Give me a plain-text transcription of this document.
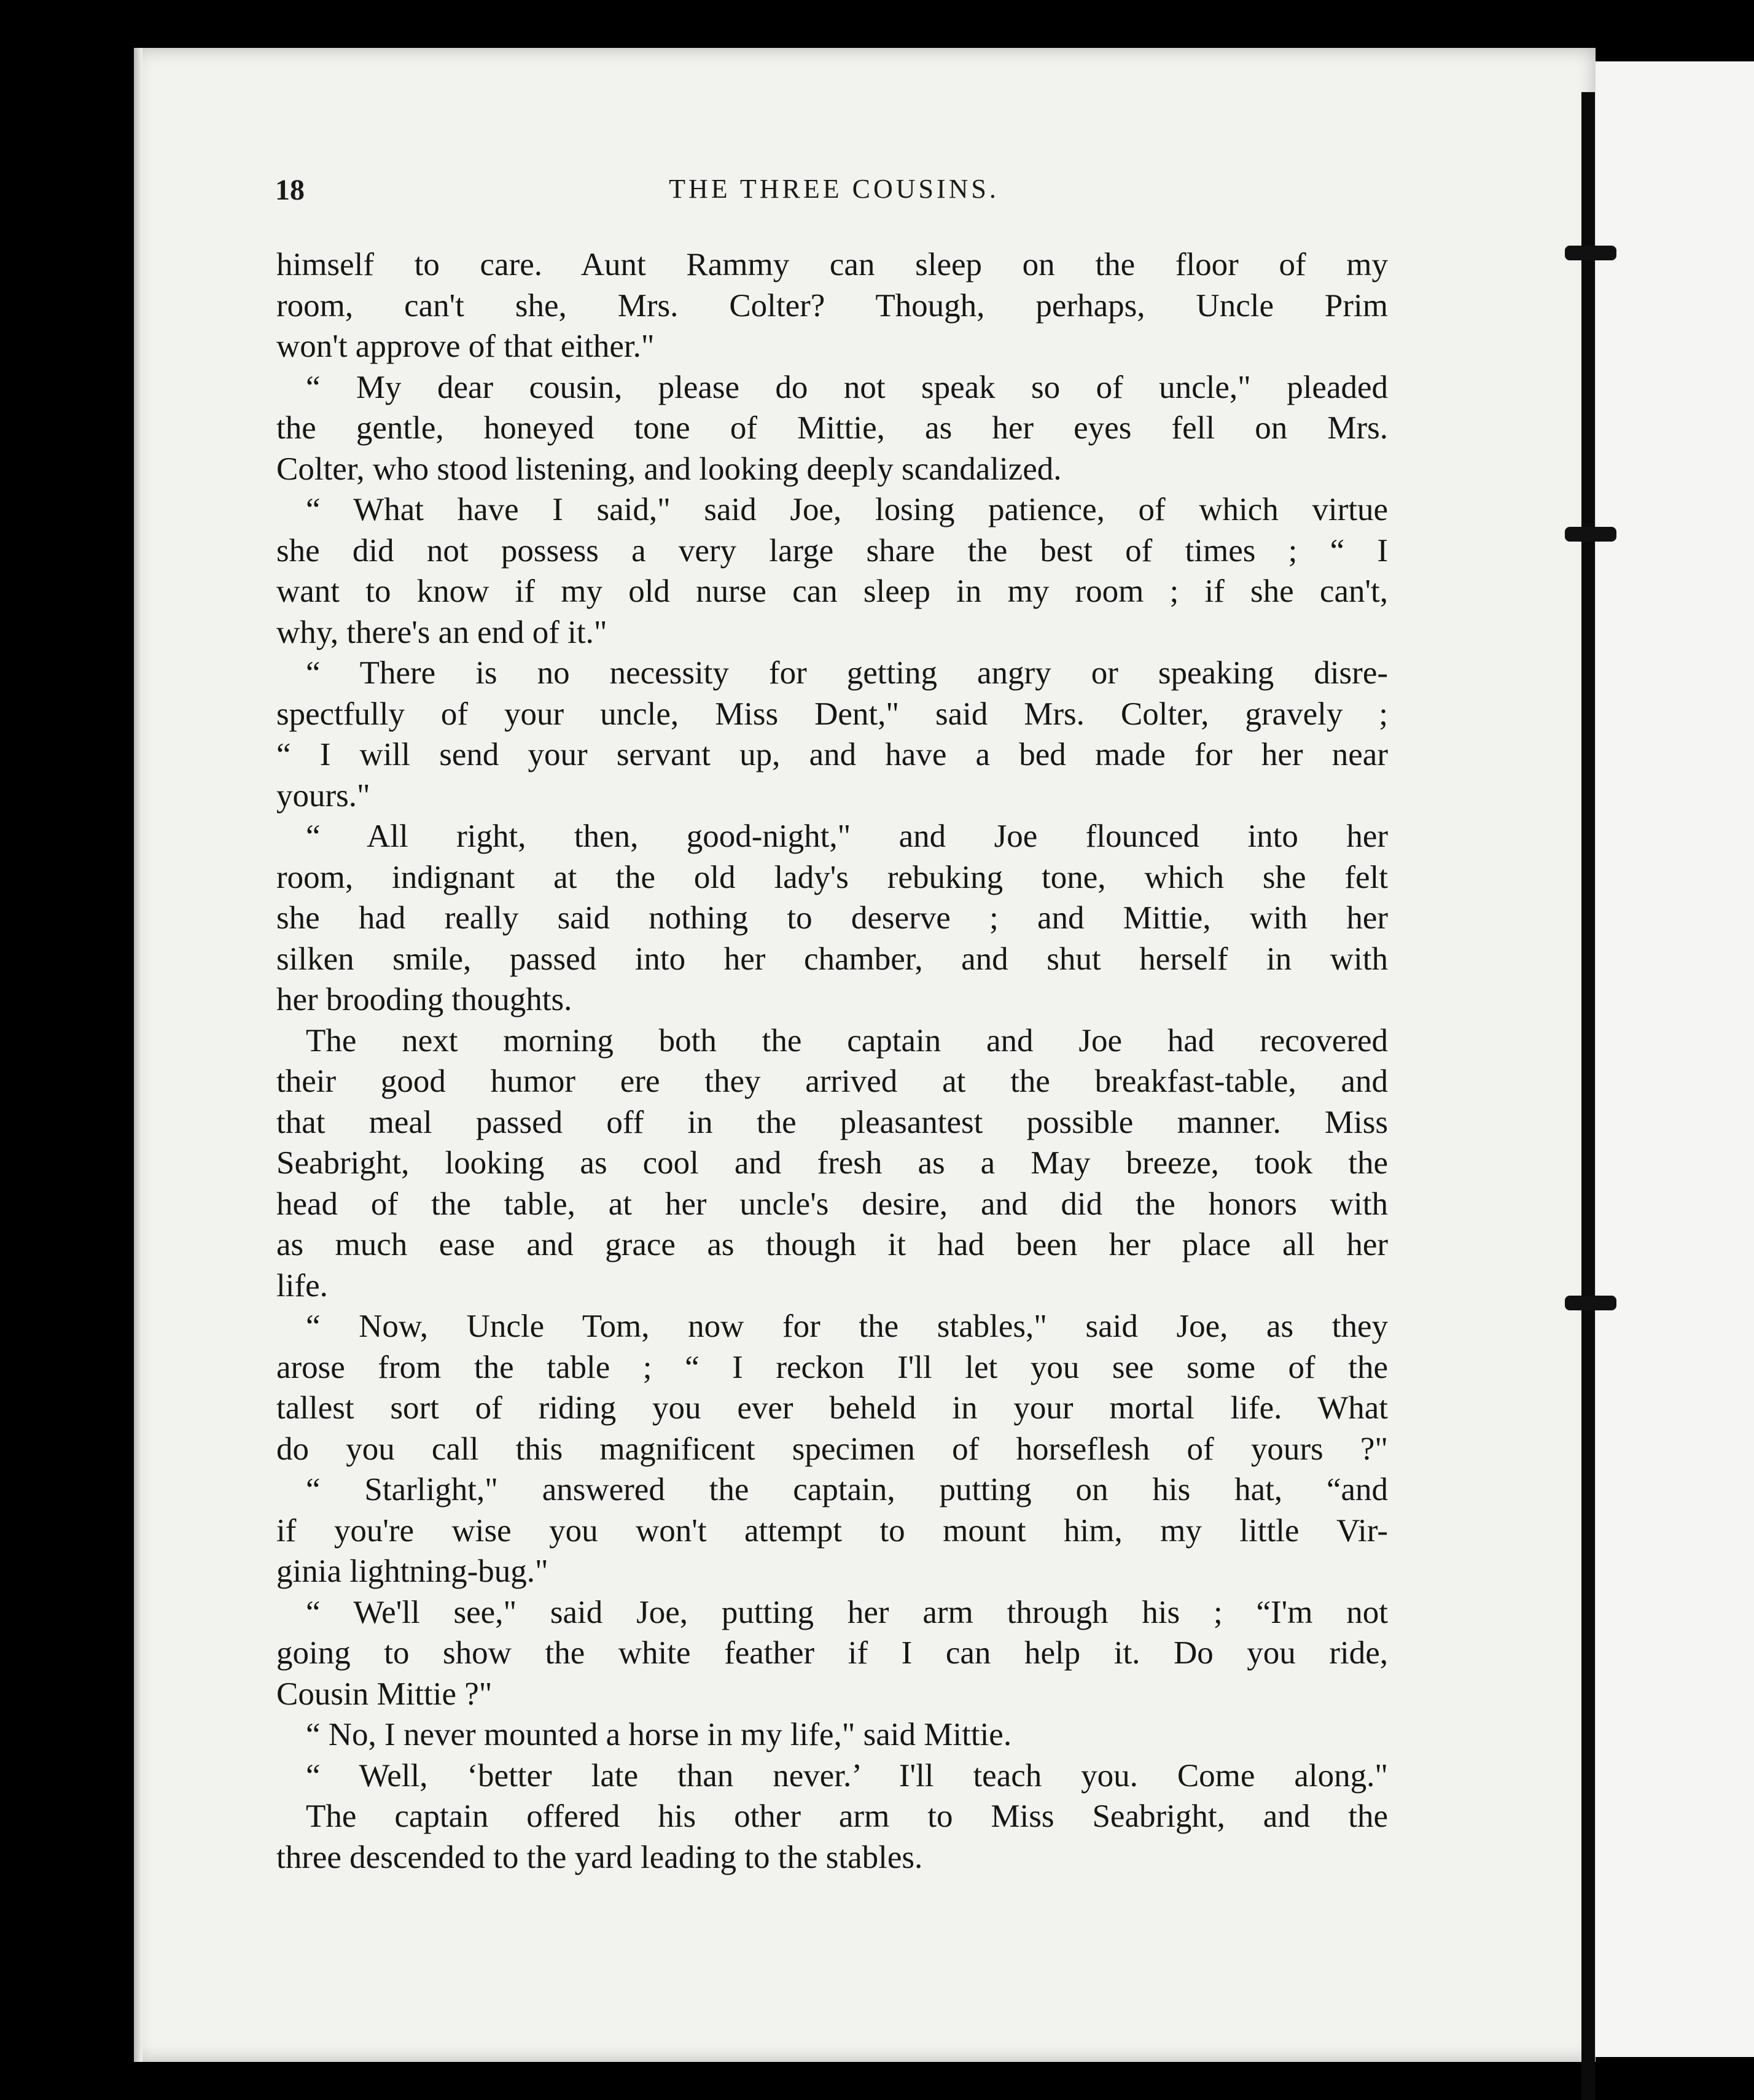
18	THE THREE COUSINS.
himself to care. Aunt Rammy can sleep on the floor of my
room, can't she, Mrs. Colter? Though, perhaps, Uncle Prim
won't approve of that either."
“ My dear cousin, please do not speak so of uncle," pleaded
the gentle, honeyed tone of Mittie, as her eyes fell on Mrs.
Colter, who stood listening, and looking deeply scandalized.
“ What have I said," said Joe, losing patience, of which virtue
she did not possess a very large share the best of times ; “ I
want to know if my old nurse can sleep in my room ; if she can't,
why, there's an end of it."
“ There is no necessity for getting angry or speaking disre-
spectfully of your uncle, Miss Dent," said Mrs. Colter, gravely ;
“ I will send your servant up, and have a bed made for her near
yours."
“ All right, then, good-night," and Joe flounced into her
room, indignant at the old lady's rebuking tone, which she felt
she had really said nothing to deserve ; and Mittie, with her
silken smile, passed into her chamber, and shut herself in with
her brooding thoughts.
The next morning both the captain and Joe had recovered
their good humor ere they arrived at the breakfast-table, and
that meal passed off in the pleasantest possible manner. Miss
Seabright, looking as cool and fresh as a May breeze, took the
head of the table, at her uncle's desire, and did the honors with
as much ease and grace as though it had been her place all her
life.
“ Now, Uncle Tom, now for the stables," said Joe, as they
arose from the table ; “ I reckon I'll let you see some of the
tallest sort of riding you ever beheld in your mortal life. What
do you call this magnificent specimen of horseflesh of yours ?"
“ Starlight," answered the captain, putting on his hat, “and
if you're wise you won't attempt to mount him, my little Vir-
ginia lightning-bug."
“ We'll see," said Joe, putting her arm through his ; “I'm not
going to show the white feather if I can help it. Do you ride,
Cousin Mittie ?"
“ No, I never mounted a horse in my life," said Mittie.
“ Well, ‘better late than never.’ I'll teach you. Come along."
The captain offered his other arm to Miss Seabright, and the
three descended to the yard leading to the stables.
